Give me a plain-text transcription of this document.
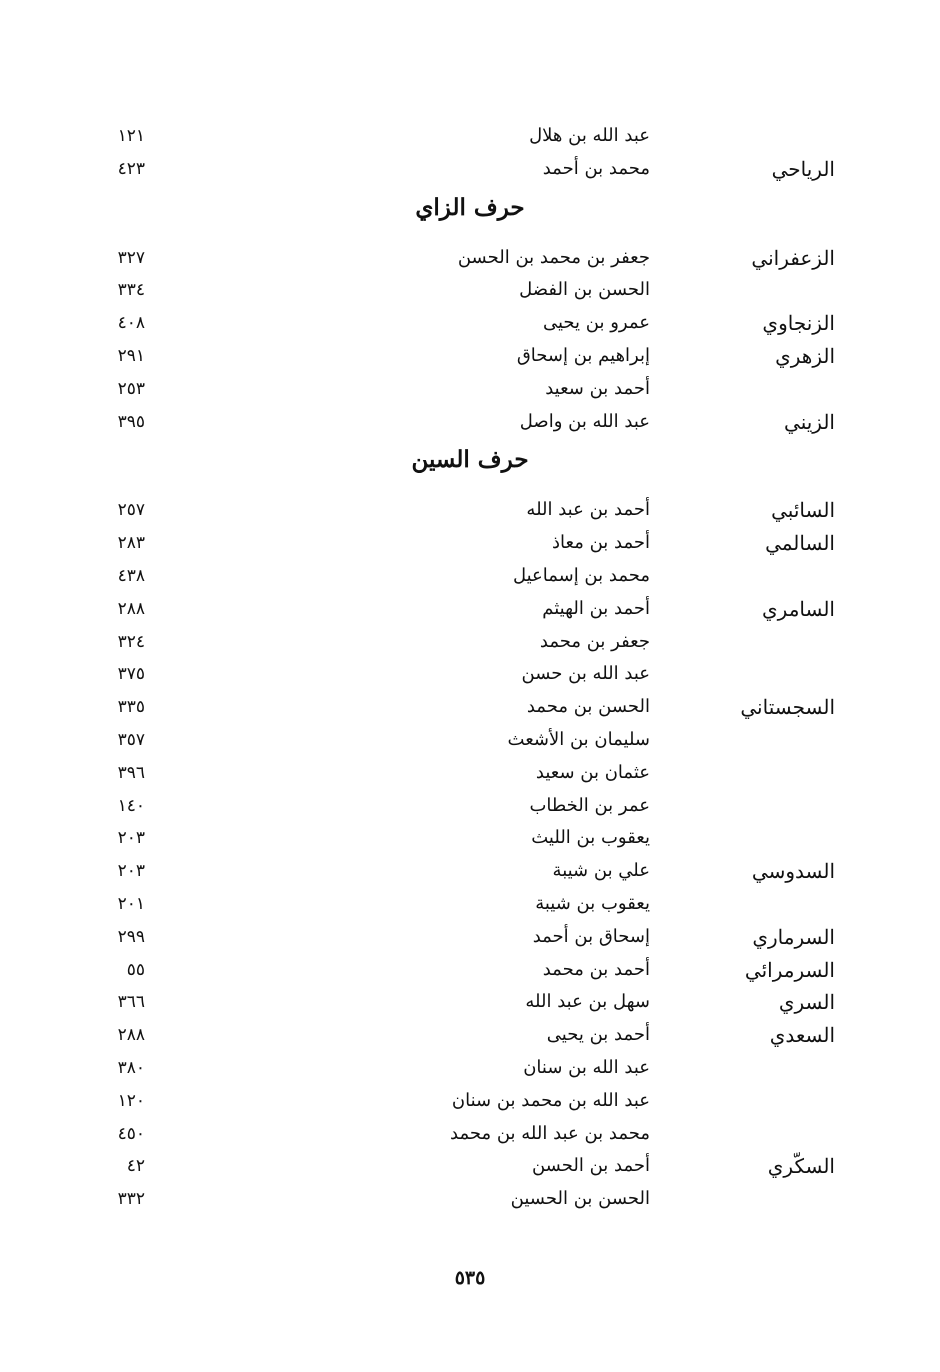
عبد الله بن هلال
١٢١
الرياحي
محمد بن أحمد
٤٢٣
حرف الزاي
الزعفراني
جعفر بن محمد بن الحسن
٣٢٧
الحسن بن الفضل
٣٣٤
الزنجاوي
عمرو بن يحيى
٤٠٨
الزهري
إبراهيم بن إسحاق
٢٩١
أحمد بن سعيد
٢٥٣
الزيني
عبد الله بن واصل
٣٩٥
حرف السين
السائبي
أحمد بن عبد الله
٢٥٧
السالمي
أحمد بن معاذ
٢٨٣
محمد بن إسماعيل
٤٣٨
السامري
أحمد بن الهيثم
٢٨٨
جعفر بن محمد
٣٢٤
عبد الله بن حسن
٣٧٥
السجستاني
الحسن بن محمد
٣٣٥
سليمان بن الأشعث
٣٥٧
عثمان بن سعيد
٣٩٦
عمر بن الخطاب
١٤٠
يعقوب بن الليث
٢٠٣
السدوسي
علي بن شيبة
٢٠٣
يعقوب بن شيبة
٢٠١
السرماري
إسحاق بن أحمد
٢٩٩
السرمرائي
أحمد بن محمد
٥٥
السري
سهل بن عبد الله
٣٦٦
السعدي
أحمد بن يحيى
٢٨٨
عبد الله بن سنان
٣٨٠
عبد الله بن محمد بن سنان
١٢٠
محمد بن عبد الله بن محمد
٤٥٠
السكّري
أحمد بن الحسن
٤٢
الحسن بن الحسين
٣٣٢
٥٣٥
